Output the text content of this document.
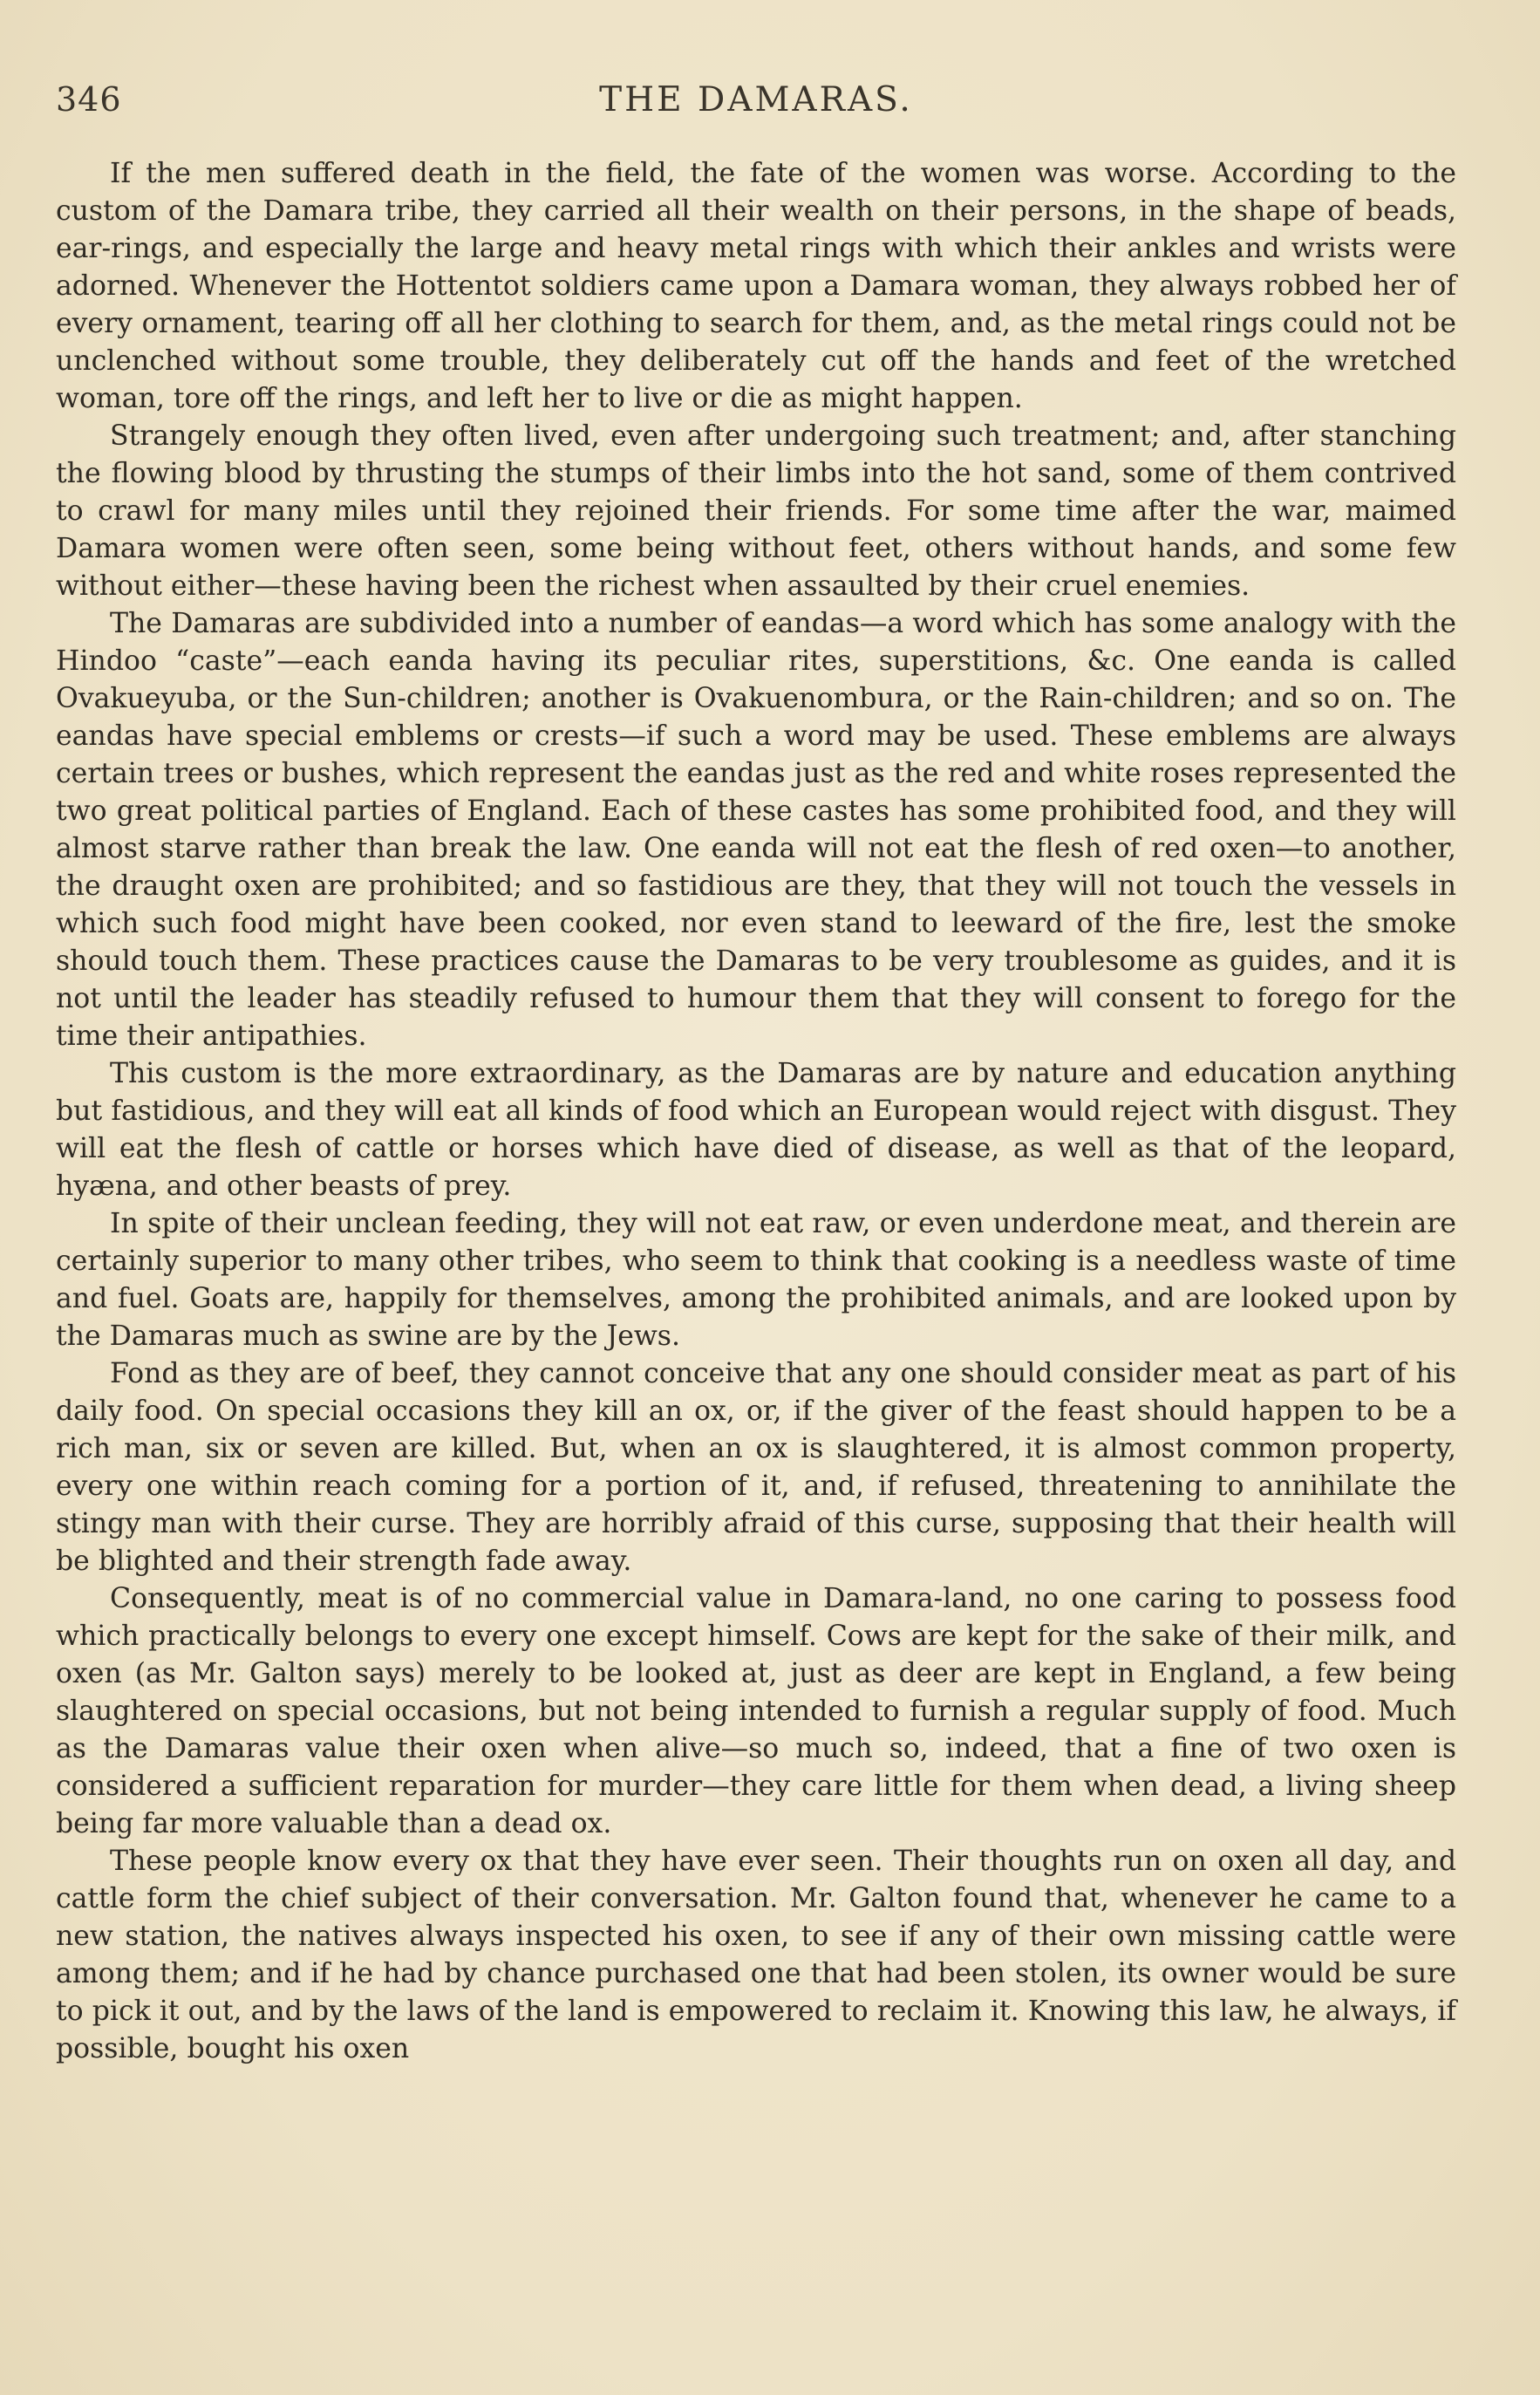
346	THE DAMARAS.

If the men suffered death in the field, the fate of the women was worse. According to the custom of the Damara tribe, they carried all their wealth on their persons, in the shape of beads, ear-rings, and especially the large and heavy metal rings with which their ankles and wrists were adorned. Whenever the Hottentot soldiers came upon a Damara woman, they always robbed her of every ornament, tearing off all her clothing to search for them, and, as the metal rings could not be unclenched without some trouble, they deliberately cut off the hands and feet of the wretched woman, tore off the rings, and left her to live or die as might happen.

Strangely enough they often lived, even after undergoing such treatment; and, after stanching the flowing blood by thrusting the stumps of their limbs into the hot sand, some of them contrived to crawl for many miles until they rejoined their friends. For some time after the war, maimed Damara women were often seen, some being without feet, others without hands, and some few without either—these having been the richest when assaulted by their cruel enemies.

The Damaras are subdivided into a number of eandas—a word which has some analogy with the Hindoo “caste”—each eanda having its peculiar rites, superstitions, &c. One eanda is called Ovakueyuba, or the Sun-children; another is Ovakuenombura, or the Rain-children; and so on. The eandas have special emblems or crests—if such a word may be used. These emblems are always certain trees or bushes, which represent the eandas just as the red and white roses represented the two great political parties of England. Each of these castes has some prohibited food, and they will almost starve rather than break the law. One eanda will not eat the flesh of red oxen—to another, the draught oxen are prohibited; and so fastidious are they, that they will not touch the vessels in which such food might have been cooked, nor even stand to leeward of the fire, lest the smoke should touch them. These practices cause the Damaras to be very troublesome as guides, and it is not until the leader has steadily refused to humour them that they will consent to forego for the time their antipathies.

This custom is the more extraordinary, as the Damaras are by nature and education anything but fastidious, and they will eat all kinds of food which an European would reject with disgust. They will eat the flesh of cattle or horses which have died of disease, as well as that of the leopard, hyæna, and other beasts of prey.

In spite of their unclean feeding, they will not eat raw, or even underdone meat, and therein are certainly superior to many other tribes, who seem to think that cooking is a needless waste of time and fuel. Goats are, happily for themselves, among the prohibited animals, and are looked upon by the Damaras much as swine are by the Jews.

Fond as they are of beef, they cannot conceive that any one should consider meat as part of his daily food. On special occasions they kill an ox, or, if the giver of the feast should happen to be a rich man, six or seven are killed. But, when an ox is slaughtered, it is almost common property, every one within reach coming for a portion of it, and, if refused, threatening to annihilate the stingy man with their curse. They are horribly afraid of this curse, supposing that their health will be blighted and their strength fade away.

Consequently, meat is of no commercial value in Damara-land, no one caring to possess food which practically belongs to every one except himself. Cows are kept for the sake of their milk, and oxen (as Mr. Galton says) merely to be looked at, just as deer are kept in England, a few being slaughtered on special occasions, but not being intended to furnish a regular supply of food. Much as the Damaras value their oxen when alive—so much so, indeed, that a fine of two oxen is considered a sufficient reparation for murder—they care little for them when dead, a living sheep being far more valuable than a dead ox.

These people know every ox that they have ever seen. Their thoughts run on oxen all day, and cattle form the chief subject of their conversation. Mr. Galton found that, whenever he came to a new station, the natives always inspected his oxen, to see if any of their own missing cattle were among them; and if he had by chance purchased one that had been stolen, its owner would be sure to pick it out, and by the laws of the land is empowered to reclaim it. Knowing this law, he always, if possible, bought his oxen
